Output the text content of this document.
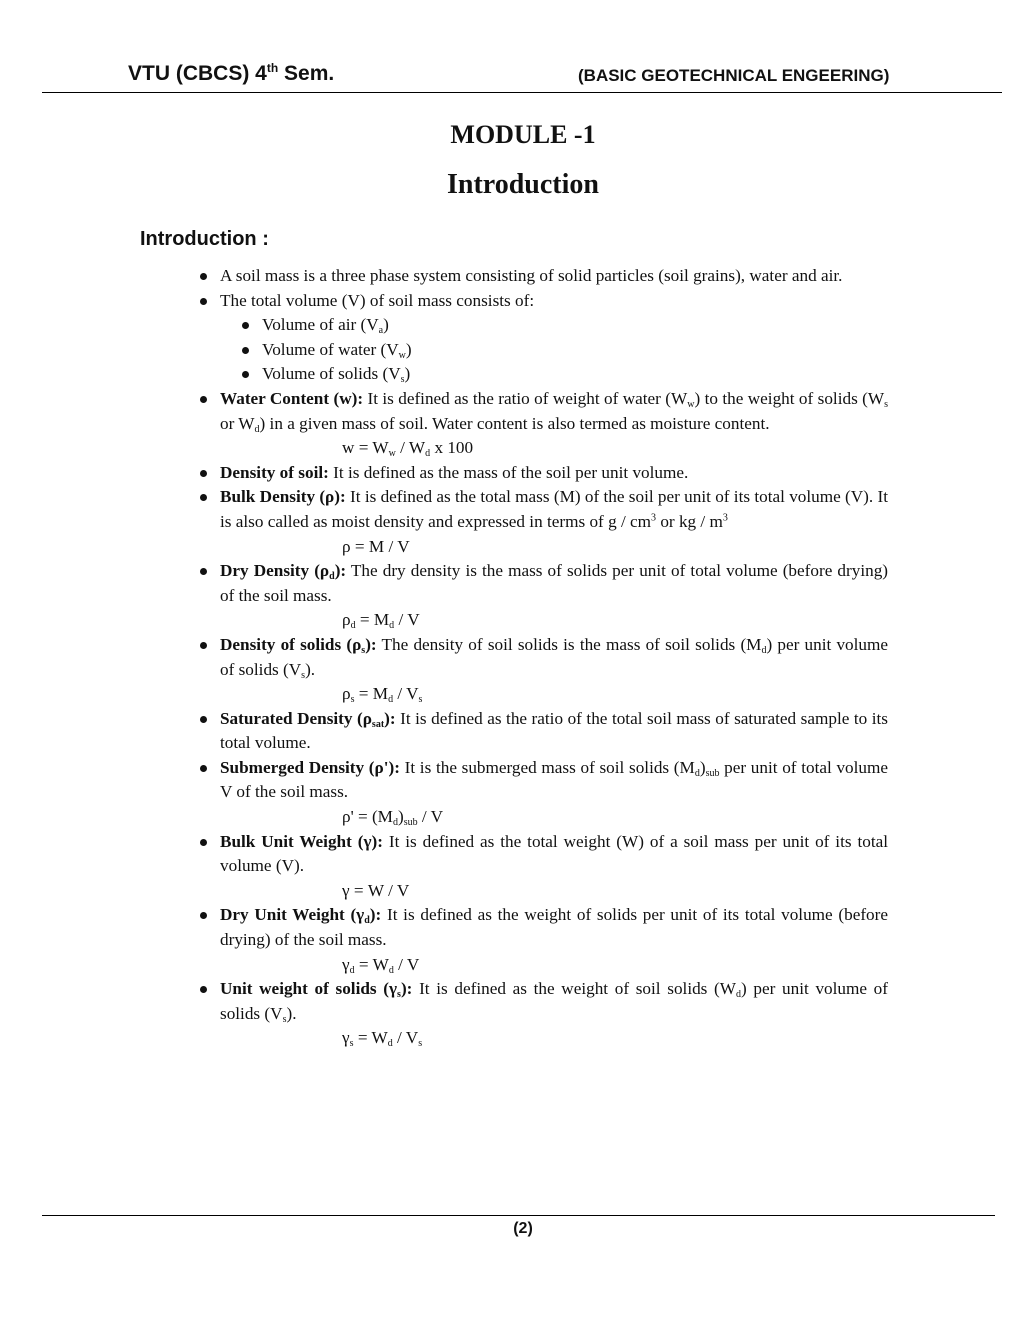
VTU (CBCS) 4th Sem.	(BASIC GEOTECHNICAL ENGEERING)
MODULE -1
Introduction
Introduction :
A soil mass is a three phase system consisting of solid particles (soil grains), water and air.
The total volume (V) of soil mass consists of:
Volume of air $(V_a)$
Volume of water $(V_w)$
Volume of solids $(V_s)$
Water Content (w): It is defined as the ratio of weight of water $(W_w)$ to the weight of solids ($W_s$ or $W_d$) in a given mass of soil. Water content is also termed as moisture content.
$w = W_w / W_d$ x 100
Density of soil: It is defined as the mass of the soil per unit volume.
Bulk Density (ρ): It is defined as the total mass (M) of the soil per unit of its total volume (V). It is also called as moist density and expressed in terms of g / $cm^3$ or kg / $m^3$
ρ = M / V
Dry Density $(\rho_d)$: The dry density is the mass of solids per unit of total volume (before drying) of the soil mass.
$\rho_d = M_d / V$
Density of solids $(\rho_s)$: The density of soil solids is the mass of soil solids $(M_d)$ per unit volume of solids $(V_s)$.
$\rho_s = M_d / V_s$
Saturated Density $(\rho_{sat})$: It is defined as the ratio of the total soil mass of saturated sample to its total volume.
Submerged Density (ρ'): It is the submerged mass of soil solids $(M_d)_{sub}$ per unit of total volume V of the soil mass.
$\rho' = (M_d)_{sub} / V$
Bulk Unit Weight (γ): It is defined as the total weight (W) of a soil mass per unit of its total volume (V).
γ = W / V
Dry Unit Weight $(\gamma_d)$: It is defined as the weight of solids per unit of its total volume (before drying) of the soil mass.
$\gamma_d = W_d / V$
Unit weight of solids $(\gamma_s)$: It is defined as the weight of soil solids $(W_d)$ per unit volume of solids $(V_s)$.
$\gamma_s = W_d / V_s$
(2)
